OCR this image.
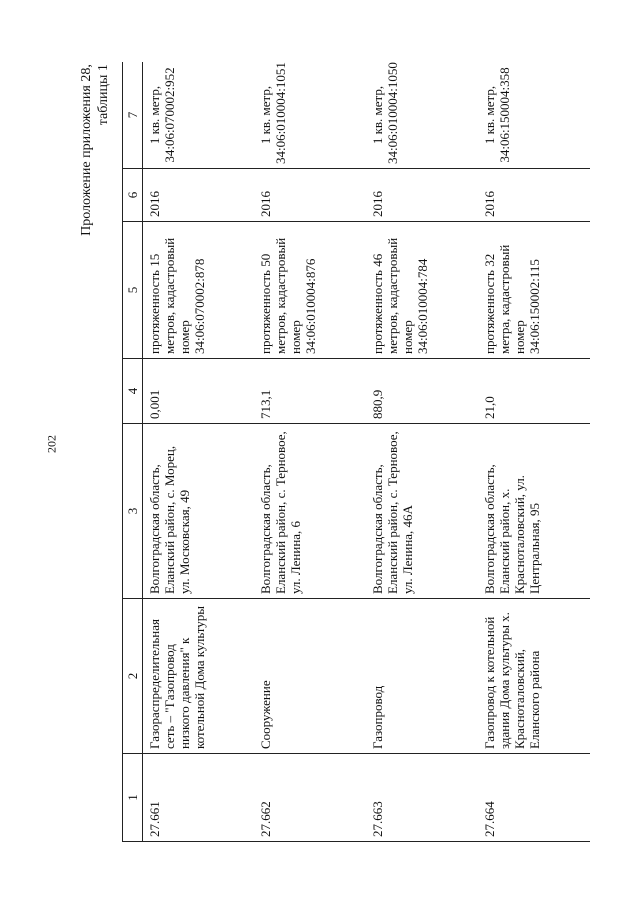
202
Проложение приложения 28, таблицы 1
1	2	3	4	5	6	7
27.661	Газораспределительная сеть – "Газопровод низкого давления" к котельной Дома культуры	Волгоградская область, Еланский район, с. Морец, ул. Московская, 49	0,001	протяженность 15 метров, кадастровый номер 34:06:070002:878	2016	1 кв. метр, 34:06:070002:952
27.662	Сооружение	Волгоградская область, Еланский район, с. Терновое, ул. Ленина, 6	713,1	протяженность 50 метров, кадастровый номер 34:06:010004:876	2016	1 кв. метр, 34:06:010004:1051
27.663	Газопровод	Волгоградская область, Еланский район, с. Терновое, ул. Ленина, 46А	880,9	протяженность 46 метров, кадастровый номер 34:06:010004:784	2016	1 кв. метр, 34:06:010004:1050
27.664	Газопровод к котельной здания Дома культуры х. Красноталовский, Еланского района	Волгоградская область, Еланский район, х. Красноталовский, ул. Центральная, 95	21,0	протяженность 32 метра, кадастровый номер 34:06:150002:115	2016	1 кв. метр, 34:06:150004:358
